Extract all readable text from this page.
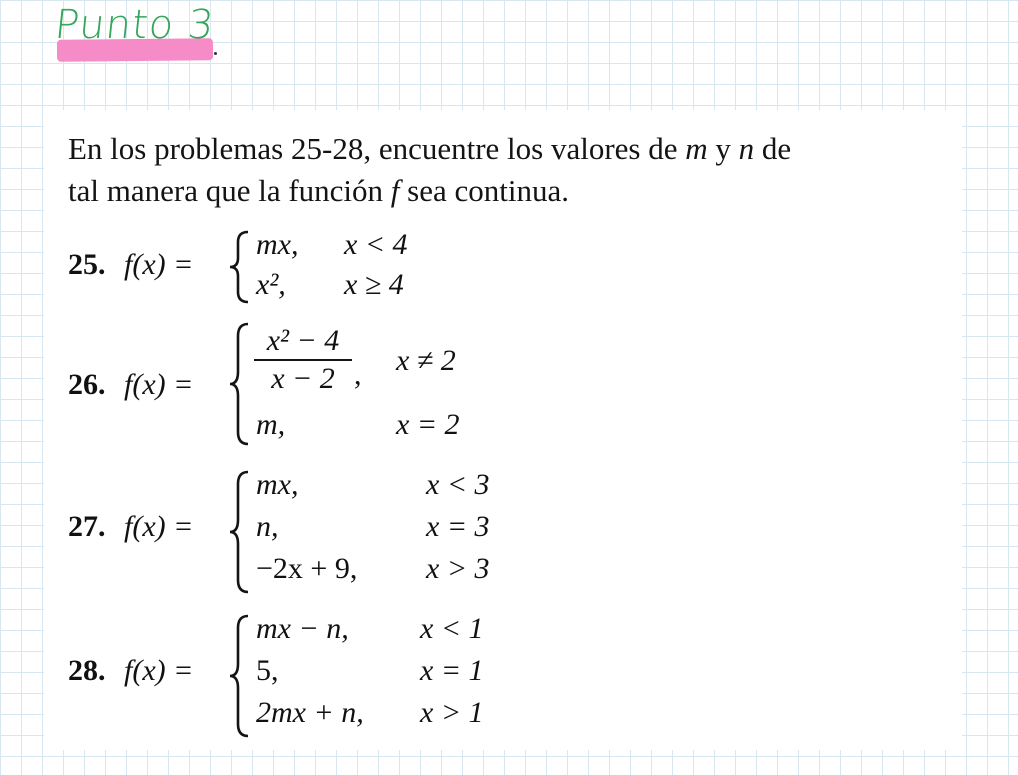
Punto 3
En los problemas 25-28, encuentre los valores de m y n de
tal manera que la función f sea continua.
25. f(x) =
mx, x < 4
x², x ≥ 4
26. f(x) =
x² − 4
x − 2 , x ≠ 2
m,	x = 2
27. f(x) =
mx,	x < 3
n,	x = 3
−2x + 9, x > 3
28. f(x) =
mx − n, x < 1
5,	x = 1
2mx + n, x > 1
